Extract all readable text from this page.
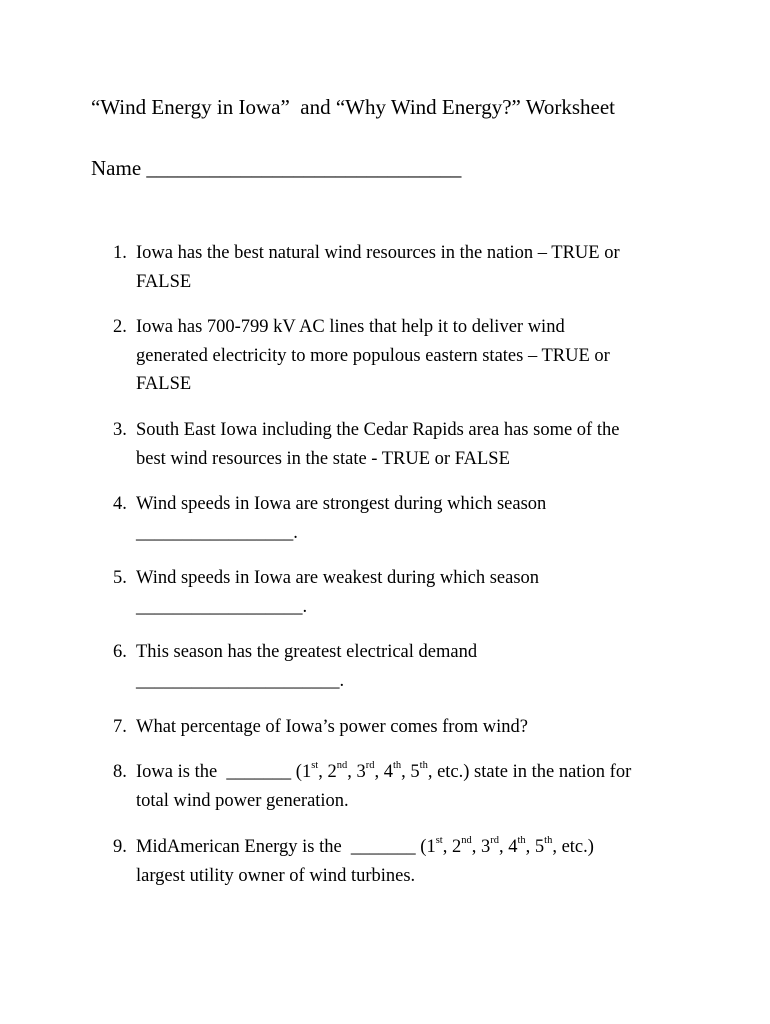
“Wind Energy in Iowa”  and “Why Wind Energy?” Worksheet
Name ______________________________
1. Iowa has the best natural wind resources in the nation – TRUE or
FALSE
2. Iowa has 700-799 kV AC lines that help it to deliver wind
generated electricity to more populous eastern states – TRUE or
FALSE
3. South East Iowa including the Cedar Rapids area has some of the
best wind resources in the state - TRUE or FALSE
4. Wind speeds in Iowa are strongest during which season
_________________.
5. Wind speeds in Iowa are weakest during which season
__________________.
6. This season has the greatest electrical demand
______________________.
7. What percentage of Iowa’s power comes from wind?
8. Iowa is the  _______ (1st, 2nd, 3rd, 4th, 5th, etc.) state in the nation for
total wind power generation.
9. MidAmerican Energy is the  _______ (1st, 2nd, 3rd, 4th, 5th, etc.)
largest utility owner of wind turbines.
